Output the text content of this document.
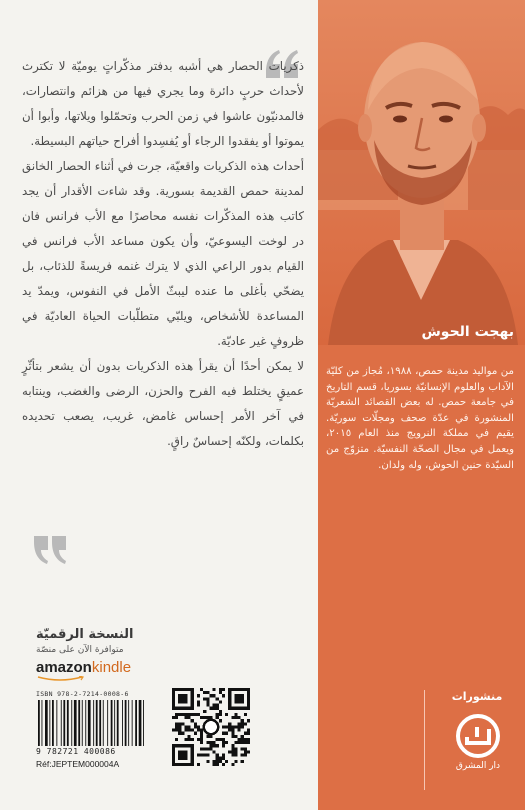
ذكريات الحصار هي أشبه بدفتر مذكّراتٍ يوميّة لا تكترث لأحداث حربٍ دائرة وما يجري فيها من هزائم وانتصارات، فالمدنيّون عاشوا في زمن الحرب وتحمّلوا ويلاتها، وأبوا أن يموتوا أو يفقدوا الرجاء أو يُفسِدوا أفراح حياتهم البسيطة.

أحداث هذه الذكريات واقعيّة، جرت في أثناء الحصار الخانق لمدينة حمص القديمة بسورية. وقد شاءت الأقدار أن يجد كاتب هذه المذكّرات نفسه محاصرًا مع الأب فرانس فان در لوخت اليسوعيّ، وأن يكون مساعد الأب فرانس في القيام بدور الراعي الذي لا يترك غنمه فريسةً للذئاب، بل يضحّي بأغلى ما عنده ليبثّ الأمل في النفوس، ويمدّ يد المساعدة للأشخاص، ويلبّي متطلّبات الحياة العاديّة في ظروفٍ غير عاديّة.

لا يمكن أحدًا أن يقرأ هذه الذكريات بدون أن يشعر بتأثّرٍ عميقٍ يختلط فيه الفرح والحزن، الرضى والغضب، وينتابه في آخر الأمر إحساس غامض، غريب، يصعب تحديده بكلمات، ولكنّه إحساسٌ راقٍ.

النسخة الرقميّة
متوافرة الآن على منصّة
amazonkindle
ISBN 978-2-7214-0008-6
9 782721 400086
Réf:JEPTEM000004A
بهجت الحوش

من مواليد مدينة حمص، ١٩٨٨، مُجاز من كليّة الآداب والعلوم الإنسانيّة بسوريا، قسم التاريخ في جامعة حمص. له بعض القصائد الشعريّة المنشورة في عدّة صحف ومجلّات سوريّة. يقيم في مملكة النرويج منذ العام ٢٠١٥، ويعمل في مجال الصحّة النفسيّة. متزوّج من السيّدة حنين الحوش، وله ولدان.

منشورات
دار المشرق
